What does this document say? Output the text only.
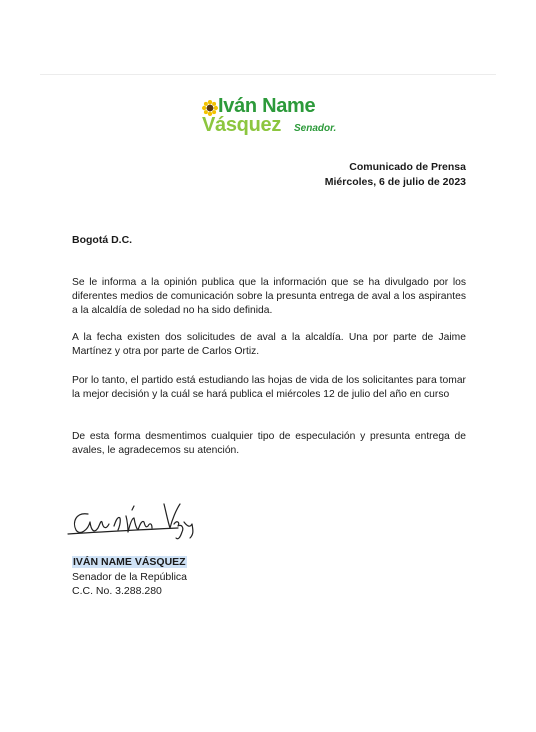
Iván Name
Vásquez Senador.
Comunicado de Prensa
Miércoles, 6 de julio de 2023
Bogotá D.C.
Se le informa a la opinión publica que la información que se ha divulgado por los diferentes medios de comunicación sobre la presunta entrega de aval a los aspirantes a la alcaldía de soledad no ha sido definida.
A la fecha existen dos solicitudes de aval a la alcaldía. Una por parte de Jaime Martínez y otra por parte de Carlos Ortiz.
Por lo tanto, el partido está estudiando las hojas de vida de los solicitantes para tomar la mejor decisión y la cuál se hará publica el miércoles 12 de julio del año en curso
De esta forma desmentimos cualquier tipo de especulación y presunta entrega de avales, le agradecemos su atención.
IVÁN NAME VÁSQUEZ
Senador de la República
C.C. No. 3.288.280
